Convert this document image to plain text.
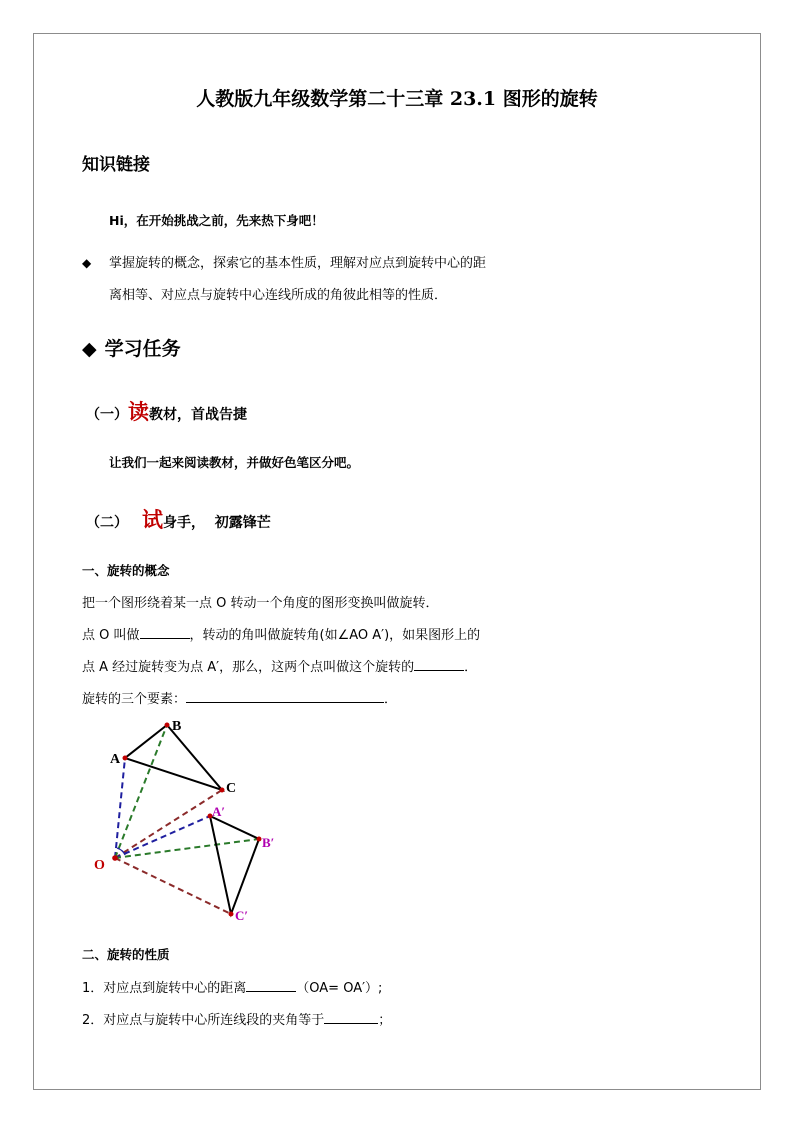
人教版九年级数学第二十三章 23.1 图形的旋转
知识链接
Hi，在开始挑战之前，先来热下身吧！
◆ 掌握旋转的概念，探索它的基本性质，理解对应点到旋转中心的距
离相等、对应点与旋转中心连线所成的角彼此相等的性质．
◆ 学习任务
（一）读教材，首战告捷
让我们一起来阅读教材，并做好色笔区分吧。
（二） 试身手，  初露锋芒
一、旋转的概念
把一个图形绕着某一点 O 转动一个角度的图形变换叫做旋转．
点 O 叫做	，转动的角叫做旋转角(如∠AO A′)，如果图形上的
点 A 经过旋转变为点 A′，那么，这两个点叫做这个旋转的	．
旋转的三个要素：	．
A
B
C
A′
B′
C′
O
二、旋转的性质
1．对应点到旋转中心的距离	（OA= OA′）;
2．对应点与旋转中心所连线段的夹角等于	；
